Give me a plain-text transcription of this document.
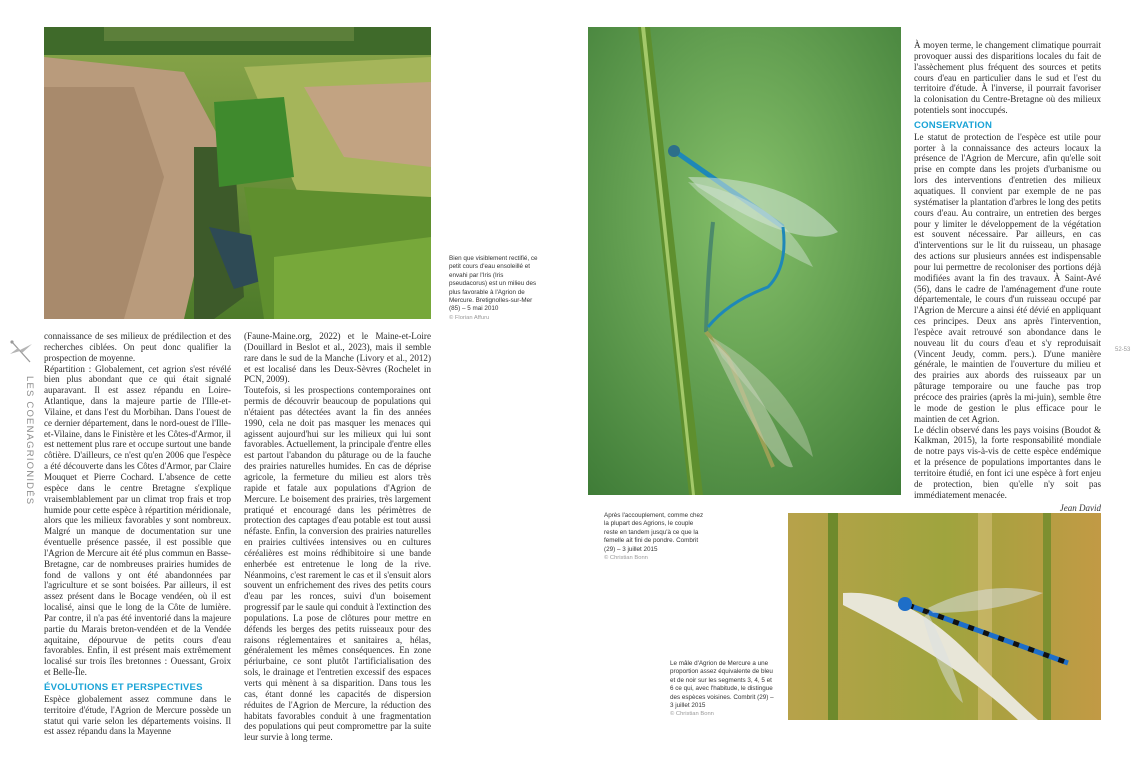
Bien que visiblement rectifié, ce petit cours d'eau ensoleillé et envahi par l'Iris (Iris pseudacorus) est un milieu des plus favorable à l'Agrion de Mercure. Bretignolles-sur-Mer (85) – 5 mai 2010
© Florian Affuru
LES COENAGRIONIDÉS

connaissance de ses milieux de prédilection et des recherches ciblées. On peut donc qualifier la prospection de moyenne.

Répartition : Globalement, cet agrion s'est révélé bien plus abondant que ce qui était signalé auparavant. Il est assez répandu en Loire-Atlantique, dans la majeure partie de l'Ille-et-Vilaine, et dans l'est du Morbihan. Dans l'ouest de ce dernier département, dans le nord-ouest de l'Ille-et-Vilaine, dans le Finistère et les Côtes-d'Armor, il est nettement plus rare et occupe surtout une bande côtière. D'ailleurs, ce n'est qu'en 2006 que l'espèce a été découverte dans les Côtes d'Armor, par Claire Mouquet et Pierre Cochard. L'absence de cette espèce dans le centre Bretagne s'explique vraisemblablement par un climat trop frais et trop humide pour cette espèce à répartition méridionale, alors que les milieux favorables y sont nombreux. Malgré un manque de documentation sur une éventuelle présence passée, il est possible que l'Agrion de Mercure ait été plus commun en Basse-Bretagne, car de nombreuses prairies humides de fond de vallons y ont été abandonnées par l'agriculture et se sont boisées. Par ailleurs, il est assez présent dans le Bocage vendéen, où il est localisé, ainsi que le long de la Côte de lumière. Par contre, il n'a pas été inventorié dans la majeure partie du Marais breton-vendéen et de la Vendée aquitaine, dépourvue de petits cours d'eau favorables. Enfin, il est présent mais extrêmement localisé sur trois îles bretonnes : Ouessant, Groix et Belle-Île.

ÉVOLUTIONS ET PERSPECTIVES

Espèce globalement assez commune dans le territoire d'étude, l'Agrion de Mercure possède un statut qui varie selon les départements voisins. Il est assez répandu dans la Mayenne

(Faune-Maine.org, 2022) et le Maine-et-Loire (Douillard in Beslot et al., 2023), mais il semble rare dans le sud de la Manche (Livory et al., 2012) et est localisé dans les Deux-Sèvres (Rochelet in PCN, 2009).

Toutefois, si les prospections contemporaines ont permis de découvrir beaucoup de populations qui n'étaient pas détectées avant la fin des années 1990, cela ne doit pas masquer les menaces qui agissent aujourd'hui sur les milieux qui lui sont favorables. Actuellement, la principale d'entre elles est partout l'abandon du pâturage ou de la fauche des prairies naturelles humides. En cas de déprise agricole, la fermeture du milieu est alors très rapide et fatale aux populations d'Agrion de Mercure. Le boisement des prairies, très largement pratiqué et encouragé dans les périmètres de protection des captages d'eau potable est tout aussi néfaste. Enfin, la conversion des prairies naturelles en prairies cultivées intensives ou en cultures céréalières est moins rédhibitoire si une bande enherbée est entretenue le long de la rive. Néanmoins, c'est rarement le cas et il s'ensuit alors souvent un enfrichement des rives des petits cours d'eau par les ronces, suivi d'un boisement progressif par le saule qui conduit à l'extinction des populations. La pose de clôtures pour mettre en défends les berges des petits ruisseaux pour des raisons réglementaires et sanitaires a, hélas, généralement les mêmes conséquences. En zone périurbaine, ce sont plutôt l'artificialisation des sols, le drainage et l'entretien excessif des espaces verts qui mènent à sa disparition. Dans tous les cas, étant donné les capacités de dispersion réduites de l'Agrion de Mercure, la réduction des habitats favorables conduit à une fragmentation des populations qui peut compromettre par la suite leur survie à long terme.

Après l'accouplement, comme chez la plupart des Agrions, le couple reste en tandem jusqu'à ce que la femelle ait fini de pondre. Combrit (29) – 3 juillet 2015
© Christian Bonn
Le mâle d'Agrion de Mercure a une proportion assez équivalente de bleu et de noir sur les segments 3, 4, 5 et 6 ce qui, avec l'habitude, le distingue des espèces voisines. Combrit (29) – 3 juillet 2015
© Christian Bonn

À moyen terme, le changement climatique pourrait provoquer aussi des disparitions locales du fait de l'assèchement plus fréquent des sources et petits cours d'eau en particulier dans le sud et l'est du territoire d'étude. À l'inverse, il pourrait favoriser la colonisation du Centre-Bretagne où des milieux potentiels sont inoccupés.

CONSERVATION

Le statut de protection de l'espèce est utile pour porter à la connaissance des acteurs locaux la présence de l'Agrion de Mercure, afin qu'elle soit prise en compte dans les projets d'urbanisme ou lors des interventions d'entretien des milieux aquatiques. Il convient par exemple de ne pas systématiser la plantation d'arbres le long des petits cours d'eau. Au contraire, un entretien des berges pour y limiter le développement de la végétation est souvent nécessaire. Par ailleurs, en cas d'interventions sur le lit du ruisseau, un phasage des actions sur plusieurs années est indispensable pour lui permettre de recoloniser des portions déjà modifiées avant la fin des travaux. À Saint-Avé (56), dans le cadre de l'aménagement d'une route départementale, le cours d'un ruisseau occupé par l'Agrion de Mercure a ainsi été dévié en appliquant ces principes. Deux ans après l'intervention, l'espèce avait retrouvé son abondance dans le nouveau lit du cours d'eau et s'y reproduisait (Vincent Jeudy, comm. pers.). D'une manière générale, le maintien de l'ouverture du milieu et des prairies aux abords des ruisseaux par un pâturage temporaire ou une fauche pas trop précoce des prairies (après la mi-juin), semble être le mode de gestion le plus efficace pour le maintien de cet Agrion.

Le déclin observé dans les pays voisins (Boudot & Kalkman, 2015), la forte responsabilité mondiale de notre pays vis-à-vis de cette espèce endémique et la présence de populations importantes dans le territoire étudié, en font ici une espèce à fort enjeu de protection, bien qu'elle n'y soit pas immédiatement menacée.

Jean David
52-53
